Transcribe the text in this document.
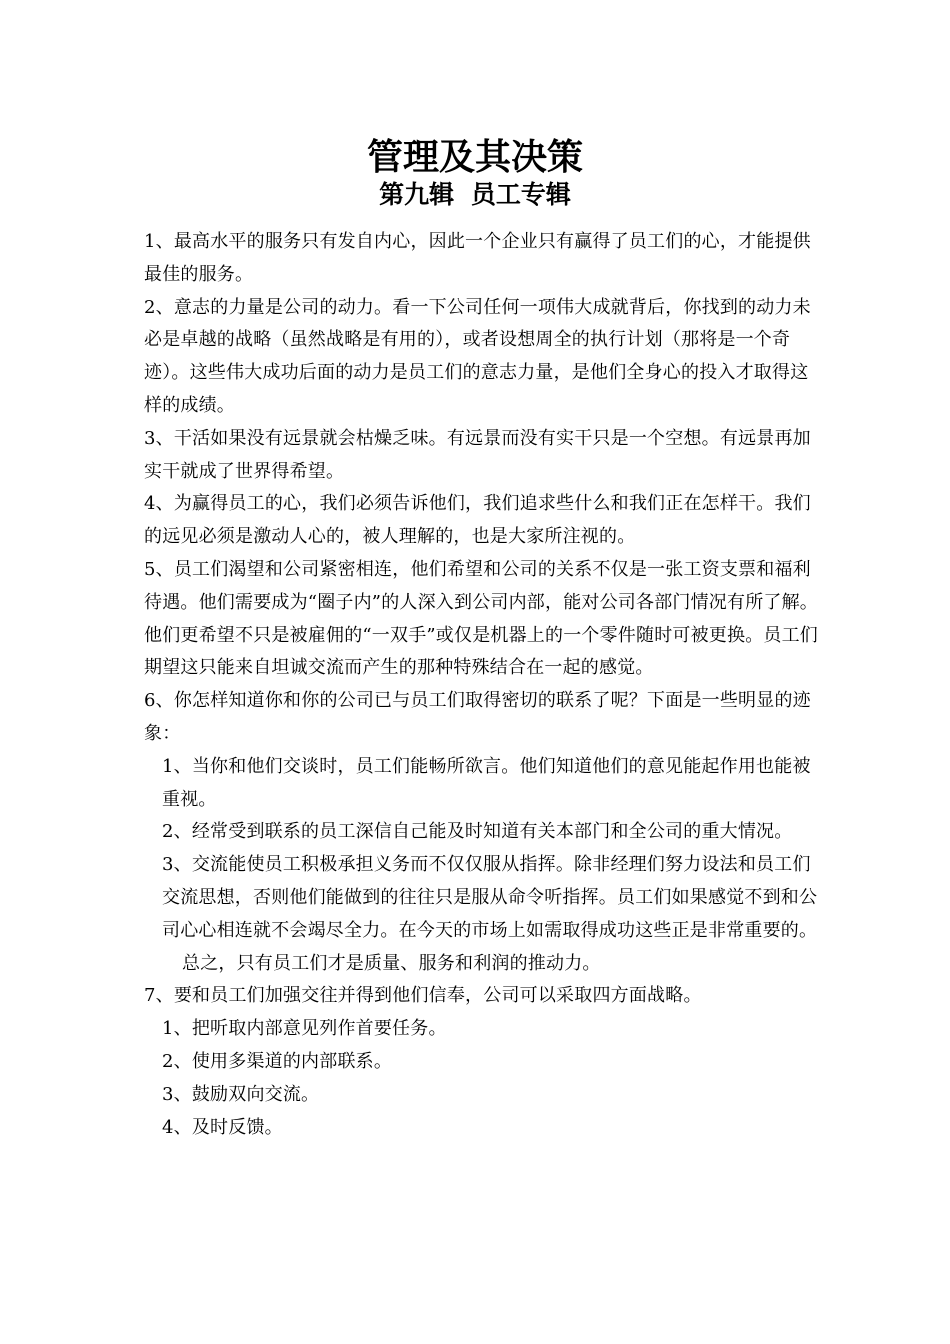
管理及其决策
第九辑 员工专辑

1、最高水平的服务只有发自内心，因此一个企业只有赢得了员工们的心，才能提供最佳的服务。

2、意志的力量是公司的动力。看一下公司任何一项伟大成就背后，你找到的动力未必是卓越的战略（虽然战略是有用的），或者设想周全的执行计划（那将是一个奇迹）。这些伟大成功后面的动力是员工们的意志力量，是他们全身心的投入才取得这样的成绩。

3、干活如果没有远景就会枯燥乏味。有远景而没有实干只是一个空想。有远景再加实干就成了世界得希望。

4、为赢得员工的心，我们必须告诉他们，我们追求些什么和我们正在怎样干。我们的远见必须是激动人心的，被人理解的，也是大家所注视的。

5、员工们渴望和公司紧密相连，他们希望和公司的关系不仅是一张工资支票和福利待遇。他们需要成为“圈子内”的人深入到公司内部，能对公司各部门情况有所了解。他们更希望不只是被雇佣的“一双手”或仅是机器上的一个零件随时可被更换。员工们期望这只能来自坦诚交流而产生的那种特殊结合在一起的感觉。

6、你怎样知道你和你的公司已与员工们取得密切的联系了呢？下面是一些明显的迹象：

1、当你和他们交谈时，员工们能畅所欲言。他们知道他们的意见能起作用也能被重视。

2、经常受到联系的员工深信自己能及时知道有关本部门和全公司的重大情况。

3、交流能使员工积极承担义务而不仅仅服从指挥。除非经理们努力设法和员工们交流思想，否则他们能做到的往往只是服从命令听指挥。员工们如果感觉不到和公司心心相连就不会竭尽全力。在今天的市场上如需取得成功这些正是非常重要的。

总之，只有员工们才是质量、服务和利润的推动力。

7、要和员工们加强交往并得到他们信奉，公司可以采取四方面战略。

1、把听取内部意见列作首要任务。

2、使用多渠道的内部联系。

3、鼓励双向交流。

4、及时反馈。
